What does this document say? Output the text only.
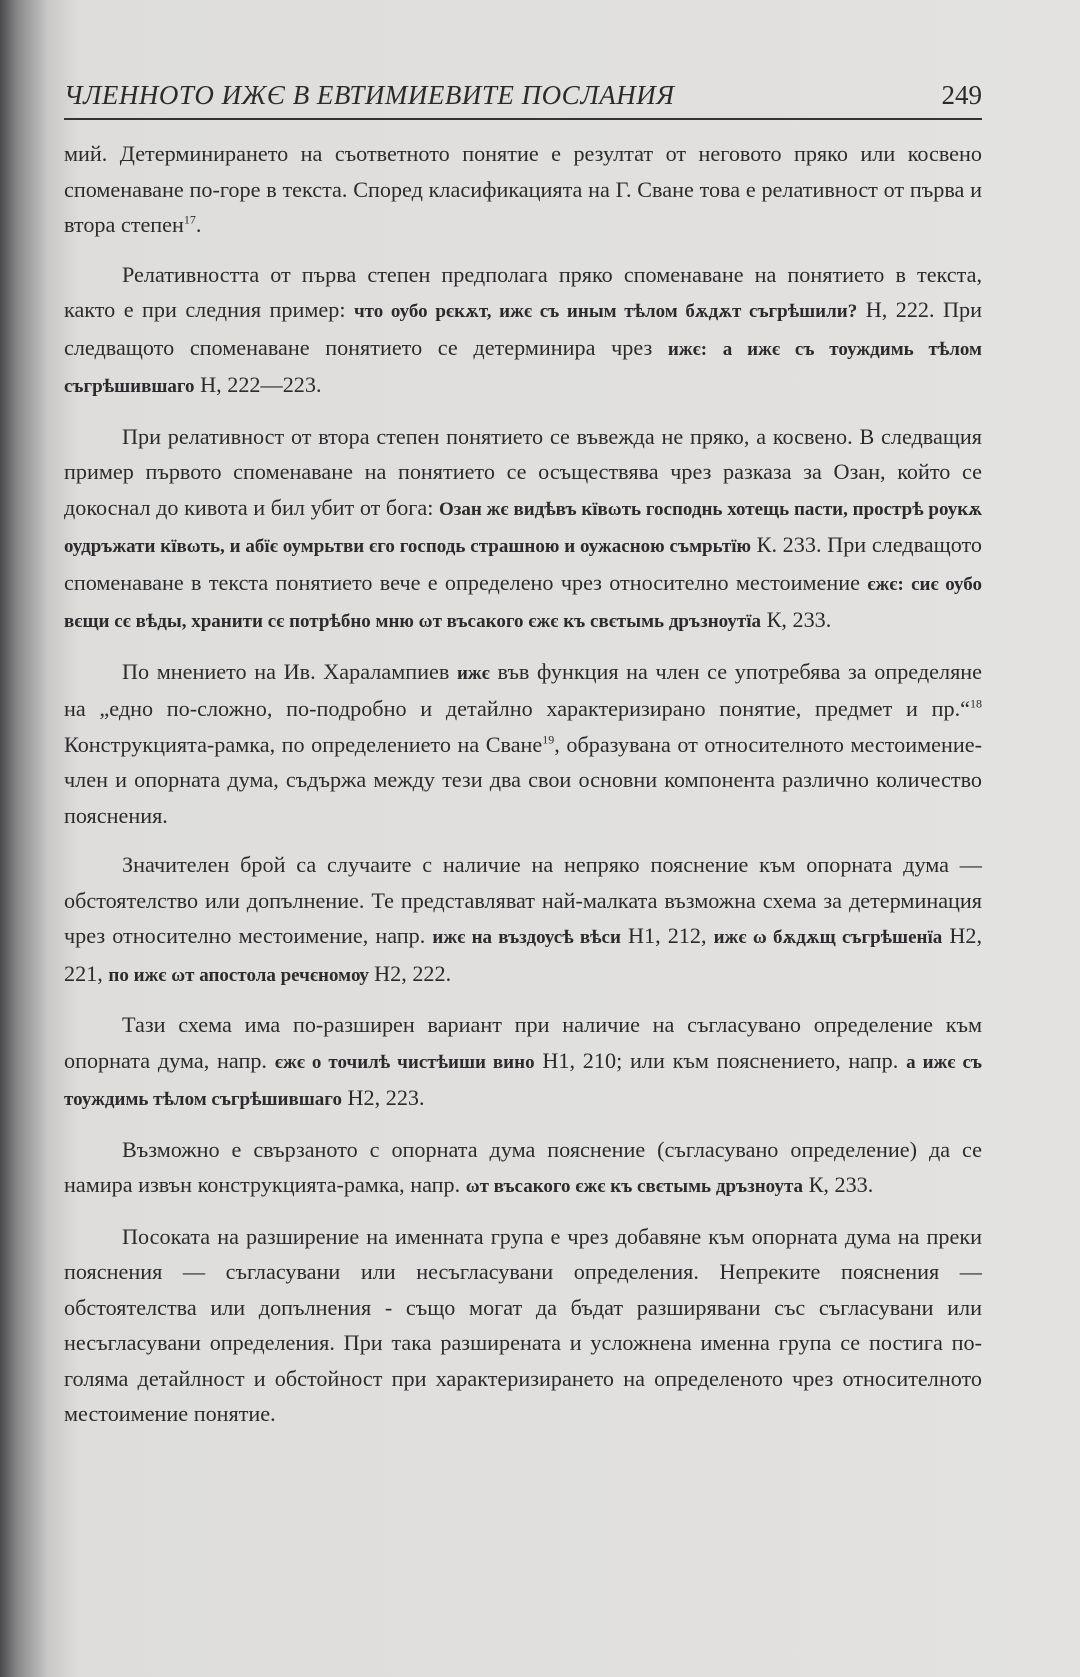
ЧЛЕННОТО ИЖЄ В ЕВТИМИЕВИТЕ ПОСЛАНИЯ	249

мий. Детерминирането на съответното понятие е резултат от неговото пряко или косвено споменаване по-горе в текста. Според класификацията на Г. Сване това е релативност от първа и втора степен$^{17}$.

Релативността от първа степен предполага пряко споменаване на понятието в текста, както е при следния пример: что оубо рєкѫт, ижє съ иным тѣлом бѫдѫт съгрѣшили? Н, 222. При следващото споменаване понятието се детерминира чрез ижє: а ижє съ тоуждимь тѣлом съгрѣшившаго Н, 222—223.

При релативност от втора степен понятието се въвежда не пряко, а косвено. В следващия пример първото споменаване на понятието се осъществява чрез разказа за Озан, който се докоснал до кивота и бил убит от бога: Озан жє видѣвъ кївωть господнь хотещь пасти, прострѣ роукѫ оудръжати кївωть, и абїє оумрьтви єго господь страшною и оужасною съмрьтїю К. 233. При следващото споменаване в текста понятието вече е определено чрез относително местоимение єжє: сиє оубо вєщи сє вѣды, хранити сє потрѣбно мню ωт въсакого єжє къ свєтымь дръзноутїа К, 233.

По мнението на Ив. Харалампиев ижє във функция на член се употребява за определяне на „едно по-сложно, по-подробно и детайлно характеризирано понятие, предмет и пр.“$^{18}$ Конструкцията-рамка, по определението на Сване$^{19}$, образувана от относителното местоимение-член и опорната дума, съдържа между тези два свои основни компонента различно количество пояснения.

Значителен брой са случаите с наличие на непряко пояснение към опорната дума — обстоятелство или допълнение. Те представляват най-малката възможна схема за детерминация чрез относително местоимение, напр. ижє на въздоусѣ вѣси Н1, 212, ижє ω бѫдѫщ съгрѣшенїа Н2, 221, по ижє ωт апостола речєномѹ Н2, 222.

Тази схема има по-разширен вариант при наличие на съгласувано определение към опорната дума, напр. єжє о точилѣ чистѣиши вино Н1, 210; или към пояснението, напр. а ижє съ тоуждимь тѣлом съгрѣшившаго Н2, 223.

Възможно е свързаното с опорната дума пояснение (съгласувано определение) да се намира извън конструкцията-рамка, напр. ωт въсакого єжє къ свєтымь дръзноута К, 233.

Посоката на разширение на именната група е чрез добавяне към опорната дума на преки пояснения — съгласувани или несъгласувани определения. Непреките пояснения — обстоятелства или допълнения - също могат да бъдат разширявани със съгласувани или несъгласувани определения. При така разширената и усложнена именна група се постига по-голяма детайлност и обстойност при характеризирането на определеното чрез относителното местоимение понятие.
